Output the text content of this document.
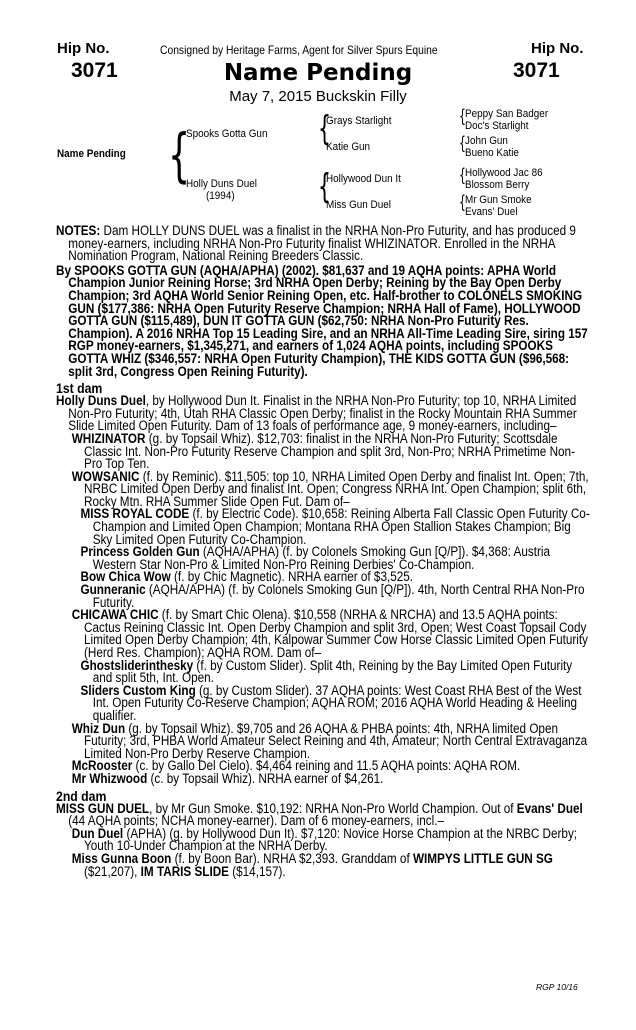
Hip No.
3071
Hip No.
3071
Consigned by Heritage Farms, Agent for Silver Spurs Equine
Name Pending
May 7, 2015 Buckskin Filly
Name Pending {
Spooks Gotta Gun
Holly Duns Duel
(1994)
{
Grays Starlight
Katie Gun
{
Hollywood Dun It
Miss Gun Duel
{ Peppy San Badger
Doc's Starlight
{ John Gun
Bueno Katie
{ Hollywood Jac 86
Blossom Berry
{ Mr Gun Smoke
Evans' Duel

NOTES: Dam HOLLY DUNS DUEL was a finalist in the NRHA Non-Pro Futurity, and has produced 9 money-earners, including NRHA Non-Pro Futurity finalist WHIZINATOR. Enrolled in the NRHA Nomination Program, National Reining Breeders Classic.

By SPOOKS GOTTA GUN (AQHA/APHA) (2002). $81,637 and 19 AQHA points: APHA World Champion Junior Reining Horse; 3rd NRHA Open Derby; Reining by the Bay Open Derby Champion; 3rd AQHA World Senior Reining Open, etc. Half-brother to COLONELS SMOKING GUN ($177,386: NRHA Open Futurity Reserve Champion; NRHA Hall of Fame), HOLLYWOOD GOTTA GUN ($115,489), DUN IT GOTTA GUN ($62,750: NRHA Non-Pro Futurity Res. Champion). A 2016 NRHA Top 15 Leading Sire, and an NRHA All-Time Leading Sire, siring 157 RGP money-earners, $1,345,271, and earners of 1,024 AQHA points, including SPOOKS GOTTA WHIZ ($346,557: NRHA Open Futurity Champion), THE KIDS GOTTA GUN ($96,568: split 3rd, Congress Open Reining Futurity).

1st dam

Holly Duns Duel, by Hollywood Dun It. Finalist in the NRHA Non-Pro Futurity; top 10, NRHA Limited Non-Pro Futurity; 4th, Utah RHA Classic Open Derby; finalist in the Rocky Mountain RHA Summer Slide Limited Open Futurity. Dam of 13 foals of performance age, 9 money-earners, including–

WHIZINATOR (g. by Topsail Whiz). $12,703: finalist in the NRHA Non-Pro Futurity; Scottsdale Classic Int. Non-Pro Futurity Reserve Champion and split 3rd, Non-Pro; NRHA Primetime Non-Pro Top Ten.

WOWSANIC (f. by Reminic). $11,505: top 10, NRHA Limited Open Derby and finalist Int. Open; 7th, NRBC Limited Open Derby and finalist Int. Open; Congress NRHA Int. Open Champion; split 6th, Rocky Mtn. RHA Summer Slide Open Fut. Dam of–

MISS ROYAL CODE (f. by Electric Code). $10,658: Reining Alberta Fall Classic Open Futurity Co-Champion and Limited Open Champion; Montana RHA Open Stallion Stakes Champion; Big Sky Limited Open Futurity Co-Champion.

Princess Golden Gun (AQHA/APHA) (f. by Colonels Smoking Gun [Q/P]). $4,368: Austria Western Star Non-Pro & Limited Non-Pro Reining Derbies' Co-Champion.

Bow Chica Wow (f. by Chic Magnetic). NRHA earner of $3,525.

Gunneranic (AQHA/APHA) (f. by Colonels Smoking Gun [Q/P]). 4th, North Central RHA Non-Pro Futurity.

CHICAWA CHIC (f. by Smart Chic Olena). $10,558 (NRHA & NRCHA) and 13.5 AQHA points: Cactus Reining Classic Int. Open Derby Champion and split 3rd, Open; West Coast Topsail Cody Limited Open Derby Champion; 4th, Kalpowar Summer Cow Horse Classic Limited Open Futurity (Herd Res. Champion); AQHA ROM. Dam of–

Ghostsliderinthesky (f. by Custom Slider). Split 4th, Reining by the Bay Limited Open Futurity and split 5th, Int. Open.

Sliders Custom King (g. by Custom Slider). 37 AQHA points: West Coast RHA Best of the West Int. Open Futurity Co-Reserve Champion; AQHA ROM; 2016 AQHA World Heading & Heeling qualifier.

Whiz Dun (g. by Topsail Whiz). $9,705 and 26 AQHA & PHBA points: 4th, NRHA limited Open Futurity; 3rd, PHBA World Amateur Select Reining and 4th, Amateur; North Central Extravaganza Limited Non-Pro Derby Reserve Champion.

McRooster (c. by Gallo Del Cielo). $4,464 reining and 11.5 AQHA points: AQHA ROM.

Mr Whizwood (c. by Topsail Whiz). NRHA earner of $4,261.

2nd dam

MISS GUN DUEL, by Mr Gun Smoke. $10,192: NRHA Non-Pro World Champion. Out of Evans' Duel (44 AQHA points; NCHA money-earner). Dam of 6 money-earners, incl.–

Dun Duel (APHA) (g. by Hollywood Dun It). $7,120: Novice Horse Champion at the NRBC Derby; Youth 10-Under Champion at the NRHA Derby.

Miss Gunna Boon (f. by Boon Bar). NRHA $2,393. Granddam of WIMPYS LITTLE GUN SG ($21,207), IM TARIS SLIDE ($14,157).

RGP 10/16
